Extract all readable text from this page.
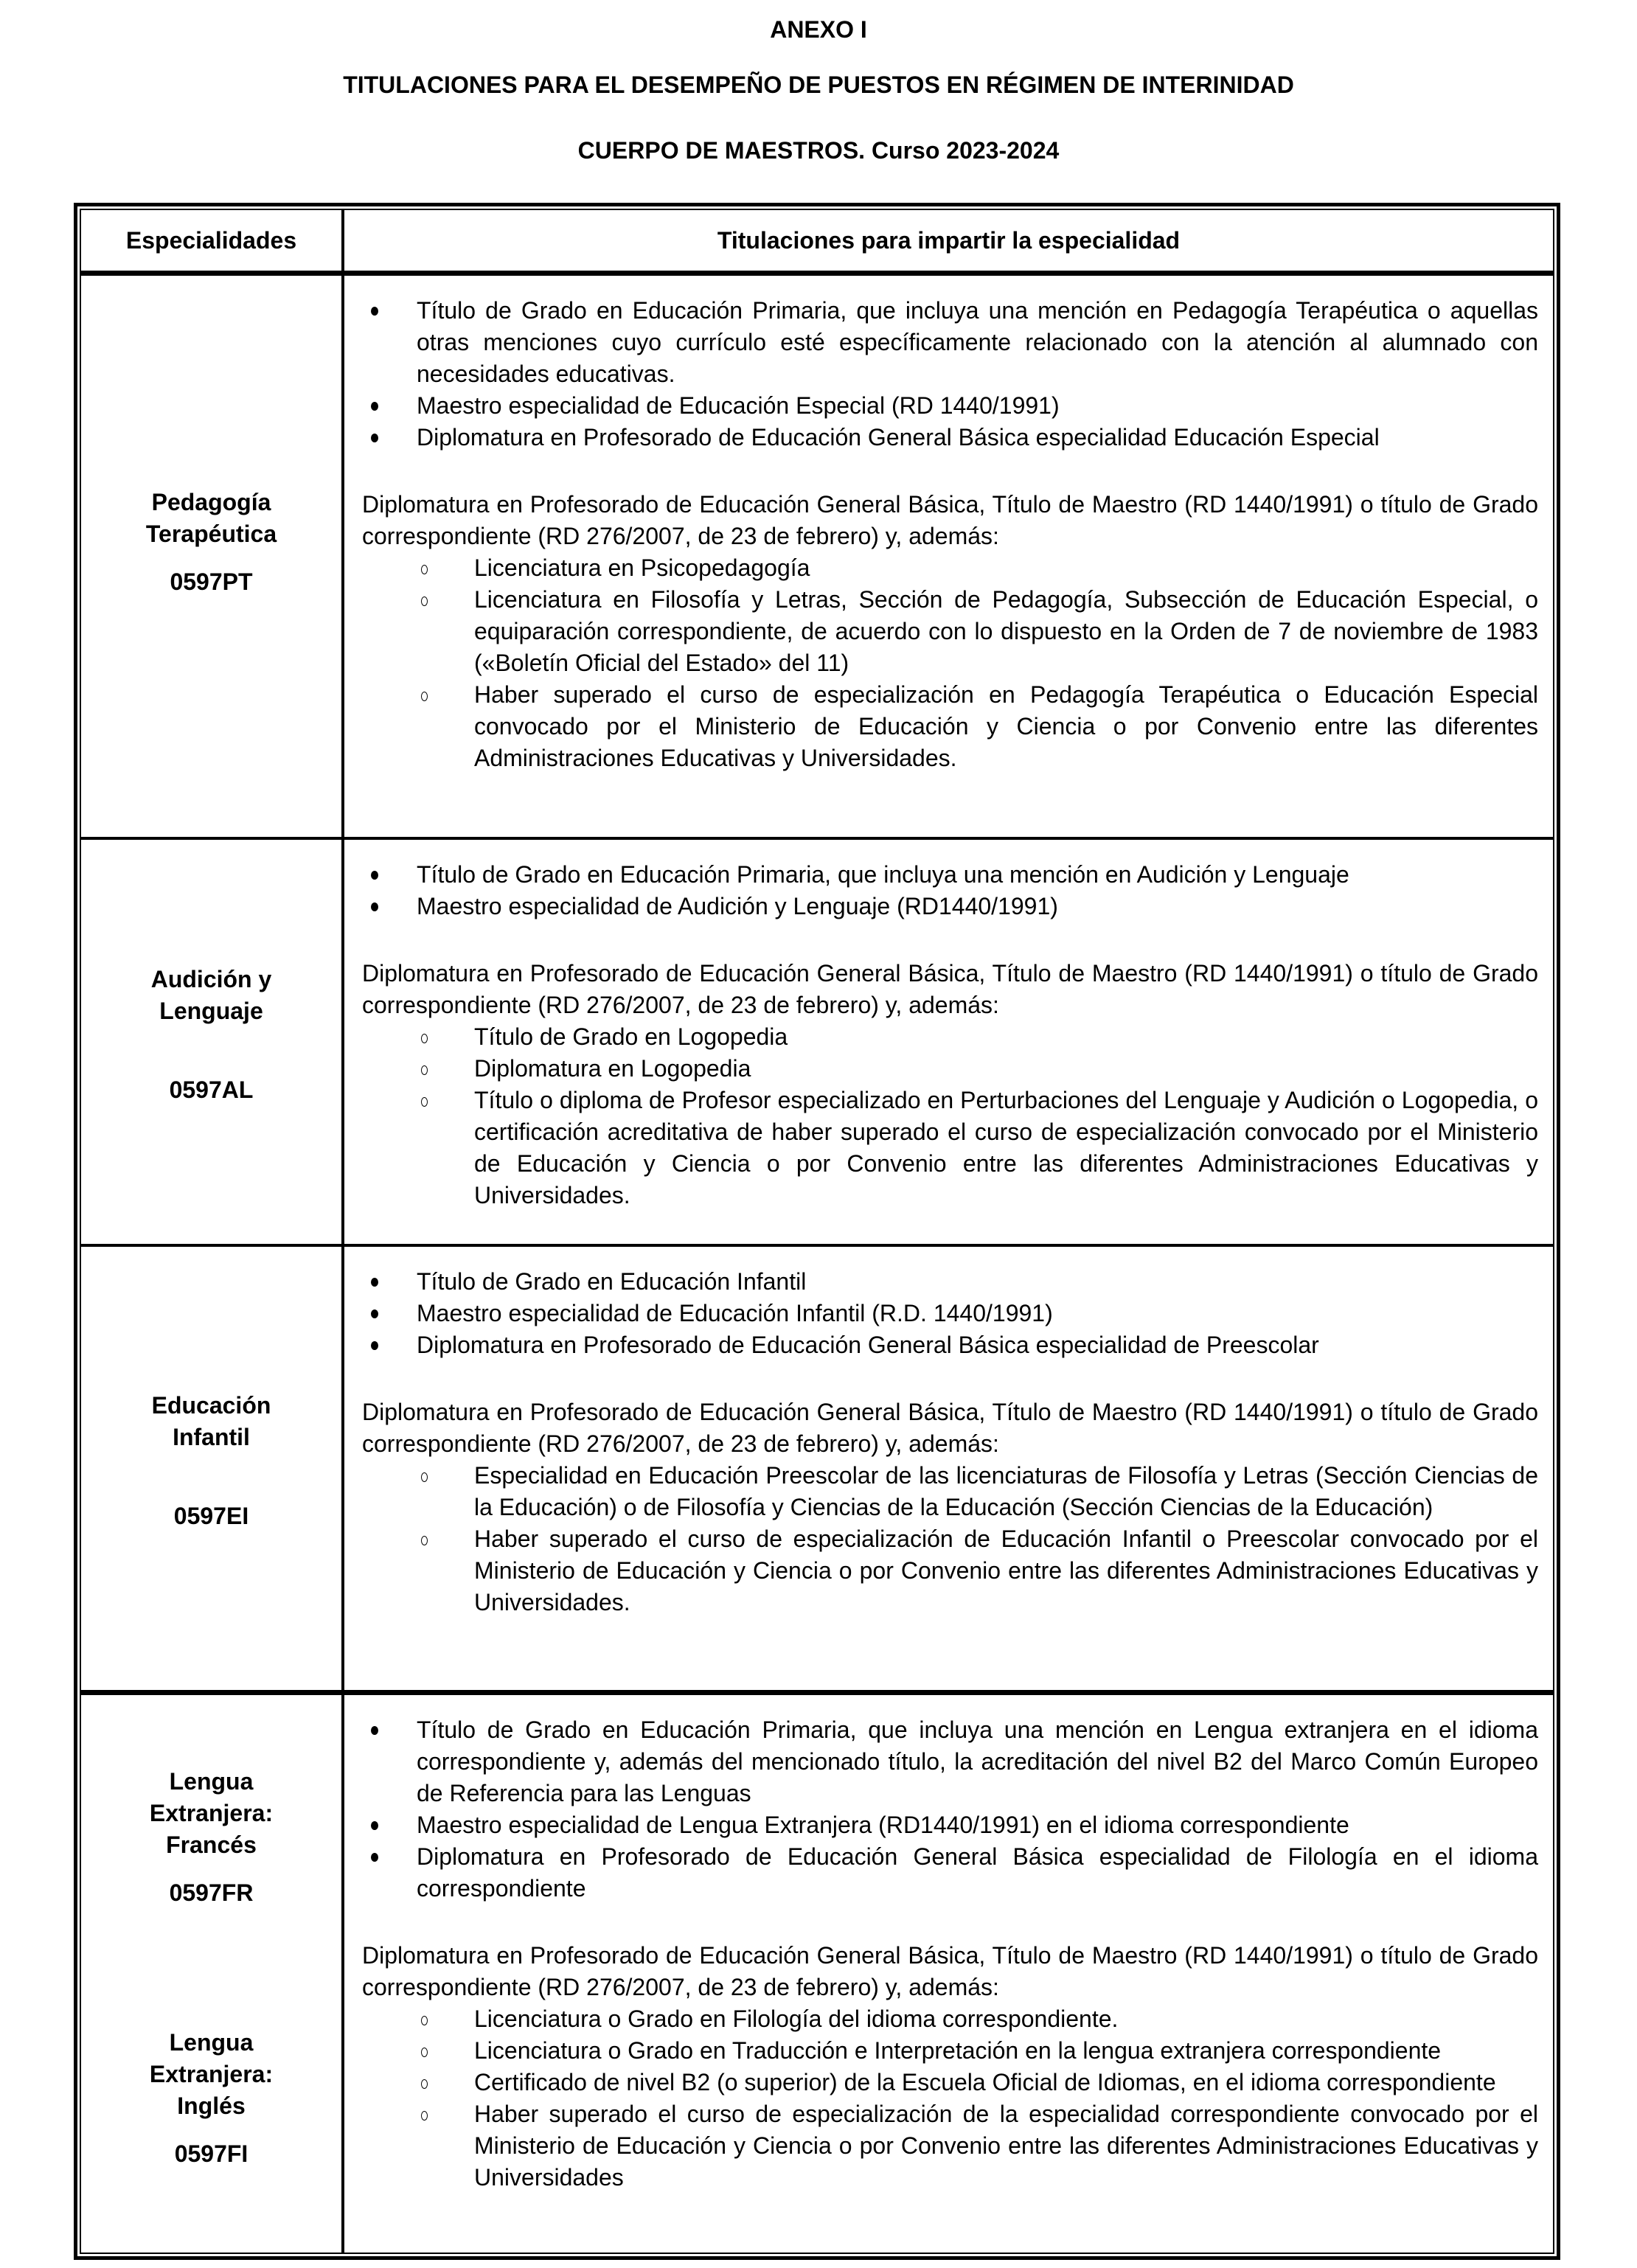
ANEXO I
TITULACIONES PARA EL DESEMPEÑO DE PUESTOS EN RÉGIMEN DE INTERINIDAD
CUERPO DE MAESTROS. Curso 2023-2024
Especialidades	Titulaciones para impartir la especialidad
Pedagogía
Terapéutica
0597PT
Título de Grado en Educación Primaria, que incluya una mención en Pedagogía Terapéutica o aquellas otras menciones cuyo currículo esté específicamente relacionado con la atención al alumnado con necesidades educativas.
Maestro especialidad de Educación Especial (RD 1440/1991)
Diplomatura en Profesorado de Educación General Básica especialidad Educación Especial

Diplomatura en Profesorado de Educación General Básica, Título de Maestro (RD 1440/1991) o título de Grado correspondiente (RD 276/2007, de 23 de febrero) y, además:

Licenciatura en Psicopedagogía
Licenciatura en Filosofía y Letras, Sección de Pedagogía, Subsección de Educación Especial, o equiparación correspondiente, de acuerdo con lo dispuesto en la Orden de 7 de noviembre de 1983 («Boletín Oficial del Estado» del 11)
Haber superado el curso de especialización en Pedagogía Terapéutica o Educación Especial convocado por el Ministerio de Educación y Ciencia o por Convenio entre las diferentes Administraciones Educativas y Universidades.
Audición y
Lenguaje
0597AL
Título de Grado en Educación Primaria, que incluya una mención en Audición y Lenguaje
Maestro especialidad de Audición y Lenguaje (RD1440/1991)

Diplomatura en Profesorado de Educación General Básica, Título de Maestro (RD 1440/1991) o título de Grado correspondiente (RD 276/2007, de 23 de febrero) y, además:

Título de Grado en Logopedia
Diplomatura en Logopedia
Título o diploma de Profesor especializado en Perturbaciones del Lenguaje y Audición o Logopedia, o certificación acreditativa de haber superado el curso de especialización convocado por el Ministerio de Educación y Ciencia o por Convenio entre las diferentes Administraciones Educativas y Universidades.
Educación
Infantil
0597EI
Título de Grado en Educación Infantil
Maestro especialidad de Educación Infantil (R.D. 1440/1991)
Diplomatura en Profesorado de Educación General Básica especialidad de Preescolar

Diplomatura en Profesorado de Educación General Básica, Título de Maestro (RD 1440/1991) o título de Grado correspondiente (RD 276/2007, de 23 de febrero) y, además:

Especialidad en Educación Preescolar de las licenciaturas de Filosofía y Letras (Sección Ciencias de la Educación) o de Filosofía y Ciencias de la Educación (Sección Ciencias de la Educación)
Haber superado el curso de especialización de Educación Infantil o Preescolar convocado por el Ministerio de Educación y Ciencia o por Convenio entre las diferentes Administraciones Educativas y Universidades.
Lengua
Extranjera:
Francés
0597FR
Lengua
Extranjera:
Inglés
0597FI
Título de Grado en Educación Primaria, que incluya una mención en Lengua extranjera en el idioma correspondiente y, además del mencionado título, la acreditación del nivel B2 del Marco Común Europeo de Referencia para las Lenguas
Maestro especialidad de Lengua Extranjera (RD1440/1991) en el idioma correspondiente
Diplomatura en Profesorado de Educación General Básica especialidad de Filología en el idioma correspondiente

Diplomatura en Profesorado de Educación General Básica, Título de Maestro (RD 1440/1991) o título de Grado correspondiente (RD 276/2007, de 23 de febrero) y, además:

Licenciatura o Grado en Filología del idioma correspondiente.
Licenciatura o Grado en Traducción e Interpretación en la lengua extranjera correspondiente
Certificado de nivel B2 (o superior) de la Escuela Oficial de Idiomas, en el idioma correspondiente
Haber superado el curso de especialización de la especialidad correspondiente convocado por el Ministerio de Educación y Ciencia o por Convenio entre las diferentes Administraciones Educativas y Universidades
